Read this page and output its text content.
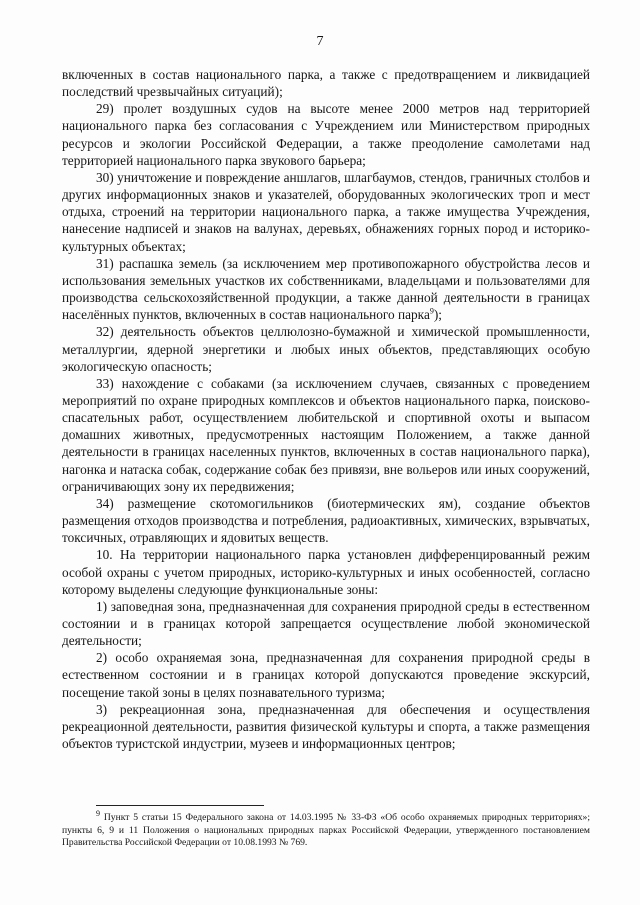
7

включенных в состав национального парка, а также с предотвращением и ликвидацией последствий чрезвычайных ситуаций);

29) пролет воздушных судов на высоте менее 2000 метров над территорией национального парка без согласования с Учреждением или Министерством природных ресурсов и экологии Российской Федерации, а также преодоление самолетами над территорией национального парка звукового барьера;

30) уничтожение и повреждение аншлагов, шлагбаумов, стендов, граничных столбов и других информационных знаков и указателей, оборудованных экологических троп и мест отдыха, строений на территории национального парка, а также имущества Учреждения, нанесение надписей и знаков на валунах, деревьях, обнажениях горных пород и историко-культурных объектах;

31) распашка земель (за исключением мер противопожарного обустройства лесов и использования земельных участков их собственниками, владельцами и пользователями для производства сельскохозяйственной продукции, а также данной деятельности в границах населённых пунктов, включенных в состав национального парка$^9$);

32) деятельность объектов целлюлозно-бумажной и химической промышленности, металлургии, ядерной энергетики и любых иных объектов, представляющих особую экологическую опасность;

33) нахождение с собаками (за исключением случаев, связанных с проведением мероприятий по охране природных комплексов и объектов национального парка, поисково-спасательных работ, осуществлением любительской и спортивной охоты и выпасом домашних животных, предусмотренных настоящим Положением, а также данной деятельности в границах населенных пунктов, включенных в состав национального парка), нагонка и натаска собак, содержание собак без привязи, вне вольеров или иных сооружений, ограничивающих зону их передвижения;

34) размещение скотомогильников (биотермических ям), создание объектов размещения отходов производства и потребления, радиоактивных, химических, взрывчатых, токсичных, отравляющих и ядовитых веществ.

10. На территории национального парка установлен дифференцированный режим особой охраны с учетом природных, историко-культурных и иных особенностей, согласно которому выделены следующие функциональные зоны:

1) заповедная зона, предназначенная для сохранения природной среды в естественном состоянии и в границах которой запрещается осуществление любой экономической деятельности;

2) особо охраняемая зона, предназначенная для сохранения природной среды в естественном состоянии и в границах которой допускаются проведение экскурсий, посещение такой зоны в целях познавательного туризма;

3) рекреационная зона, предназначенная для обеспечения и осуществления рекреационной деятельности, развития физической культуры и спорта, а также размещения объектов туристской индустрии, музеев и информационных центров;

$^9$ Пункт 5 статьи 15 Федерального закона от 14.03.1995 № 33-ФЗ «Об особо охраняемых природных территориях»; пункты 6, 9 и 11 Положения о национальных природных парках Российской Федерации, утвержденного постановлением Правительства Российской Федерации от 10.08.1993 № 769.
